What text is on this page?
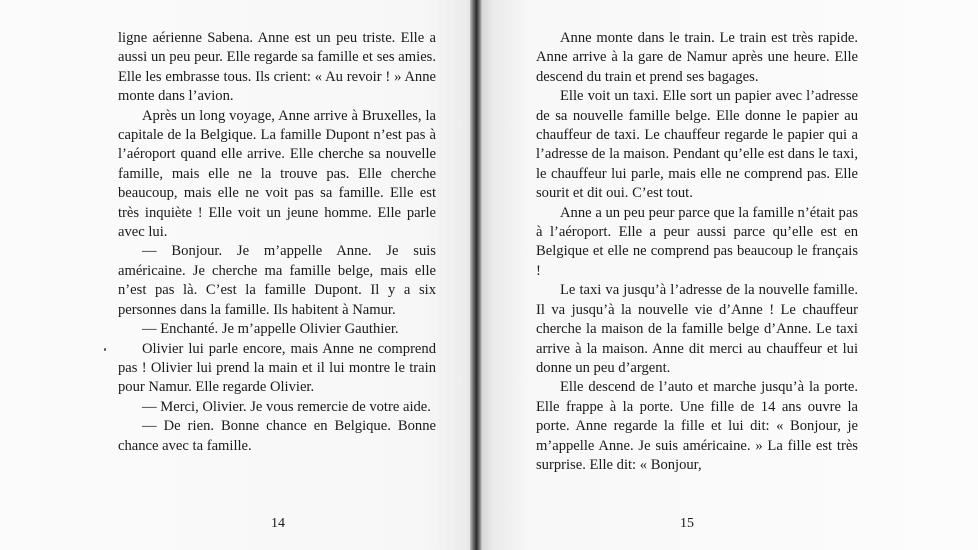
ligne aérienne Sabena. Anne est un peu triste. Elle a aussi un peu peur. Elle regarde sa famille et ses amies. Elle les embrasse tous. Ils crient: « Au revoir ! » Anne monte dans l’avion.

Après un long voyage, Anne arrive à Bruxelles, la capitale de la Belgique. La famille Dupont n’est pas à l’aéroport quand elle arrive. Elle cherche sa nouvelle famille, mais elle ne la trouve pas. Elle cherche beaucoup, mais elle ne voit pas sa famille. Elle est très inquiète ! Elle voit un jeune homme. Elle parle avec lui.

— Bonjour. Je m’appelle Anne. Je suis américaine. Je cherche ma famille belge, mais elle n’est pas là. C’est la famille Dupont. Il y a six personnes dans la famille. Ils habitent à Namur.

— Enchanté. Je m’appelle Olivier Gauthier.

Olivier lui parle encore, mais Anne ne comprend pas ! Olivier lui prend la main et il lui montre le train pour Namur. Elle regarde Olivier.

— Merci, Olivier. Je vous remercie de votre aide.

— De rien. Bonne chance en Belgique. Bonne chance avec ta famille.

14

Anne monte dans le train. Le train est très rapide. Anne arrive à la gare de Namur après une heure. Elle descend du train et prend ses bagages.

Elle voit un taxi. Elle sort un papier avec l’adresse de sa nouvelle famille belge. Elle donne le papier au chauffeur de taxi. Le chauffeur regarde le papier qui a l’adresse de la maison. Pendant qu’elle est dans le taxi, le chauffeur lui parle, mais elle ne comprend pas. Elle sourit et dit oui. C’est tout.

Anne a un peu peur parce que la famille n’était pas à l’aéroport. Elle a peur aussi parce qu’elle est en Belgique et elle ne comprend pas beaucoup le français !

Le taxi va jusqu’à l’adresse de la nouvelle famille. Il va jusqu’à la nouvelle vie d’Anne ! Le chauffeur cherche la maison de la famille belge d’Anne. Le taxi arrive à la maison. Anne dit merci au chauffeur et lui donne un peu d’argent.

Elle descend de l’auto et marche jusqu’à la porte. Elle frappe à la porte. Une fille de 14 ans ouvre la porte. Anne regarde la fille et lui dit: « Bonjour, je m’appelle Anne. Je suis américaine. » La fille est très surprise. Elle dit: « Bonjour,

15
